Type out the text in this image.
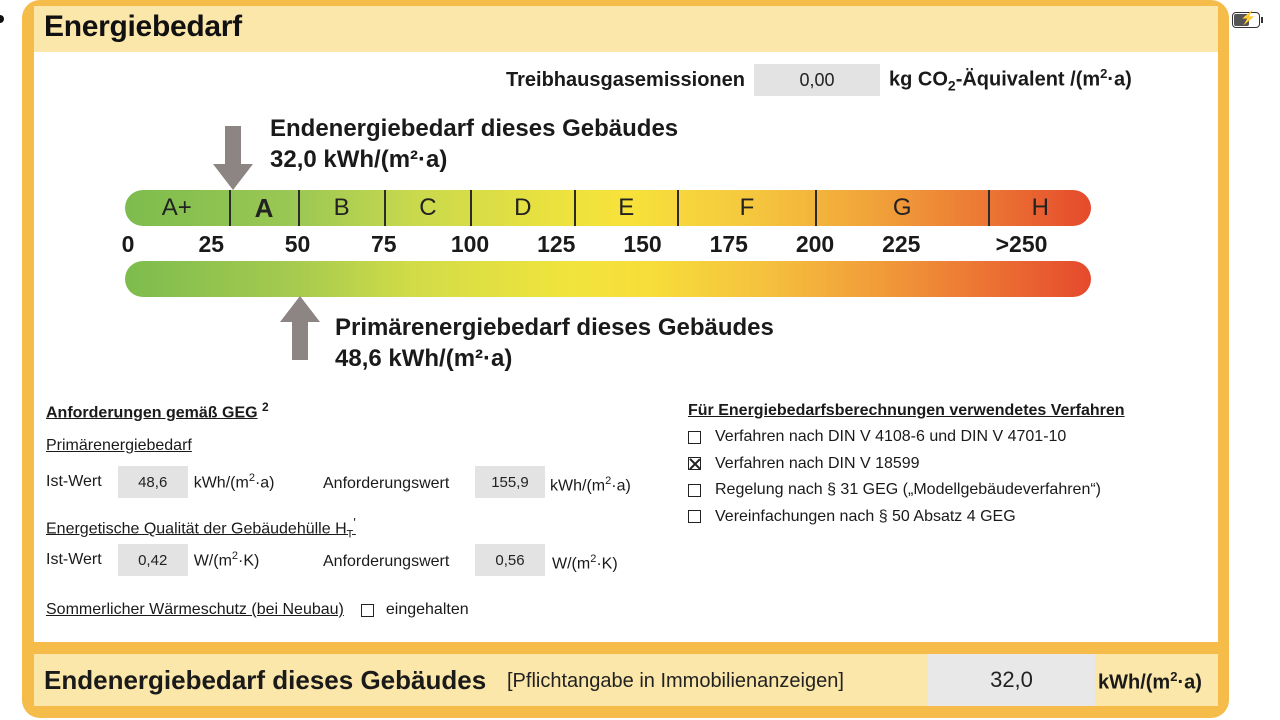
⚡
Energiebedarf
Treibhausgasemissionen	0,00	kg $CO_2$-Äquivalent $/(m^2\cdot a)$
Endenergiebedarf dieses Gebäudes
32,0 kWh/(m²·a)
A+	A	B	C	D	E	F	G	H
0	25	50	75 100 125 150 175 200 225	>250
Primärenergiebedarf dieses Gebäudes
48,6 kWh/(m²·a)
Anforderungen gemäß GEG $^2$
Primärenergiebedarf
Ist-Wert	48,6	kWh/$(m^2\cdot a)$	Anforderungswert	155,9	kWh/$(m^2\cdot a)$
Energetische Qualität der Gebäudehülle $H_T'$
Ist-Wert	0,42	$W/(m^2\cdot K)$	Anforderungswert	0,56	$W/(m^2\cdot K)$
Sommerlicher Wärmeschutz (bei Neubau)	eingehalten
Für Energiebedarfsberechnungen verwendetes Verfahren
Verfahren nach DIN V 4108-6 und DIN V 4701-10
Verfahren nach DIN V 18599
Regelung nach § 31 GEG („Modellgebäudeverfahren“)
Vereinfachungen nach § 50 Absatz 4 GEG
Endenergiebedarf dieses Gebäudes [Pflichtangabe in Immobilienanzeigen]	32,0	kWh/$(m^2\cdot a)$
